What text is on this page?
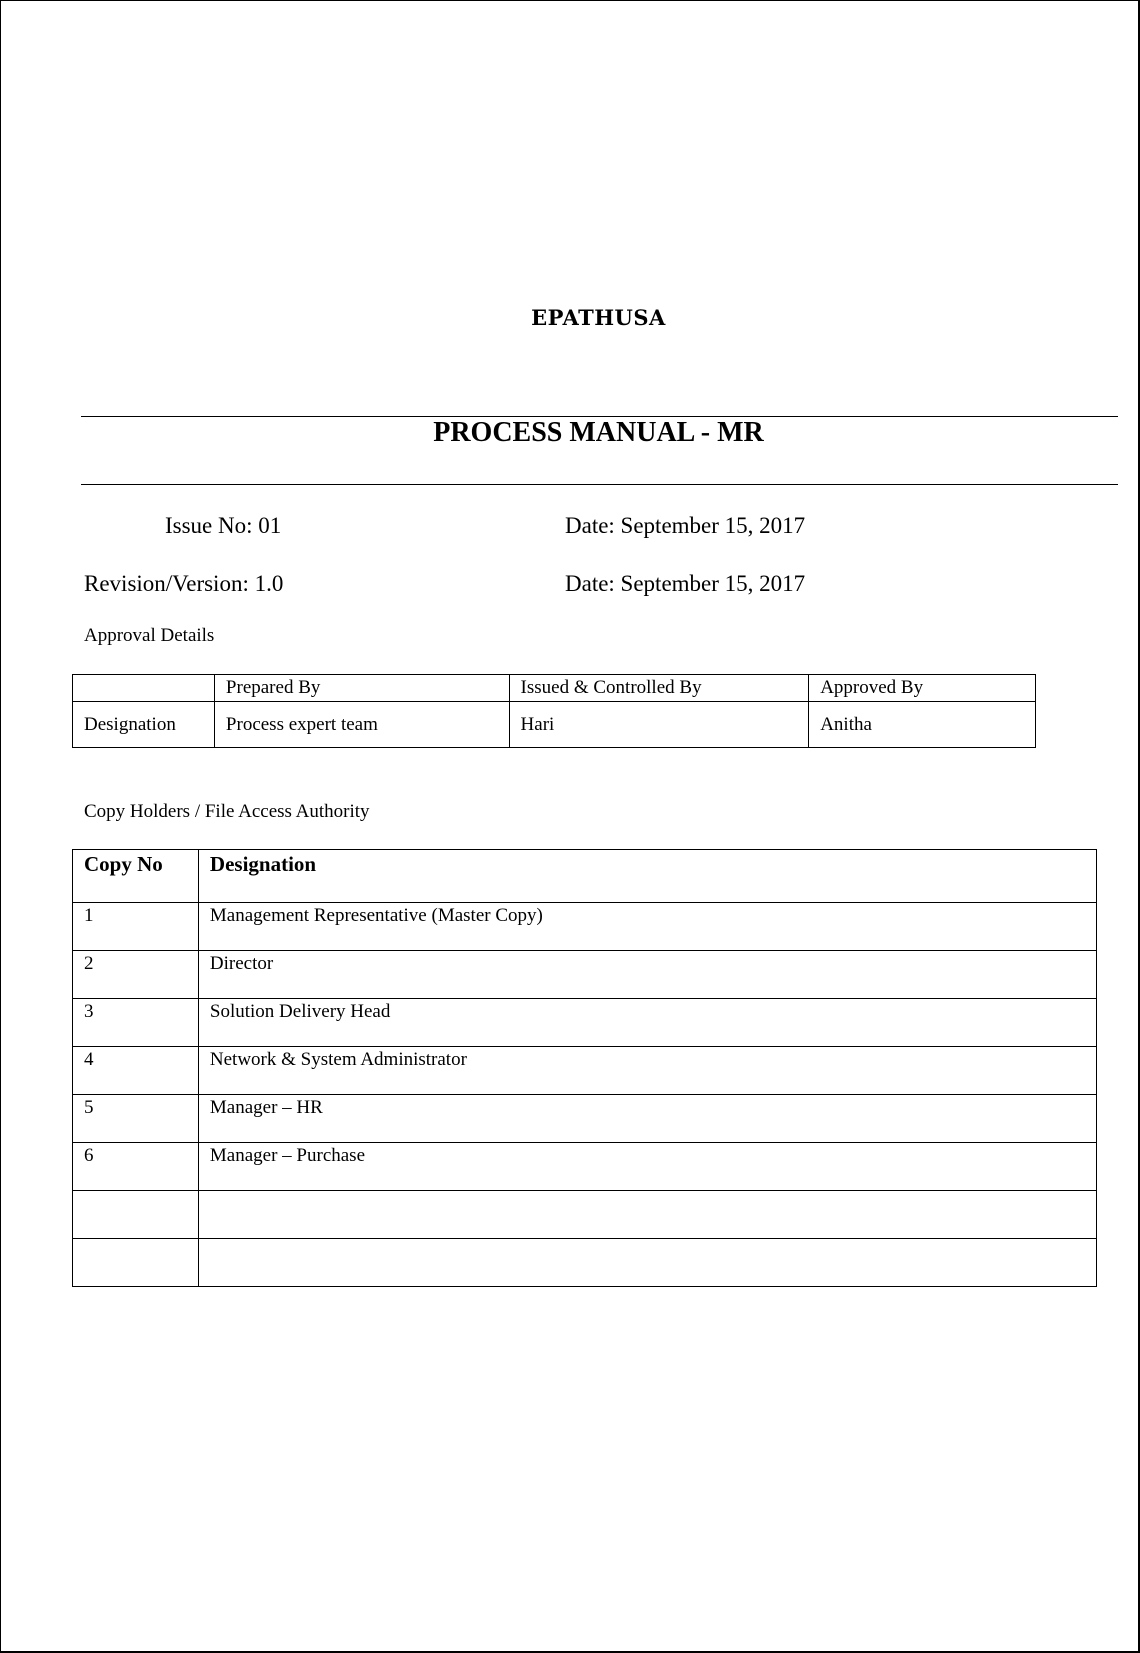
EPATHUSA
PROCESS MANUAL - MR
Issue No: 01	Date: September 15, 2017
Revision/Version: 1.0	Date: September 15, 2017
Approval Details
	Prepared By	Issued & Controlled By	Approved By
Designation	Process expert team	Hari	Anitha
Copy Holders / File Access Authority
Copy No	Designation
1	Management Representative (Master Copy)
2	Director
3	Solution Delivery Head
4	Network & System Administrator
5	Manager – HR
6	Manager – Purchase
